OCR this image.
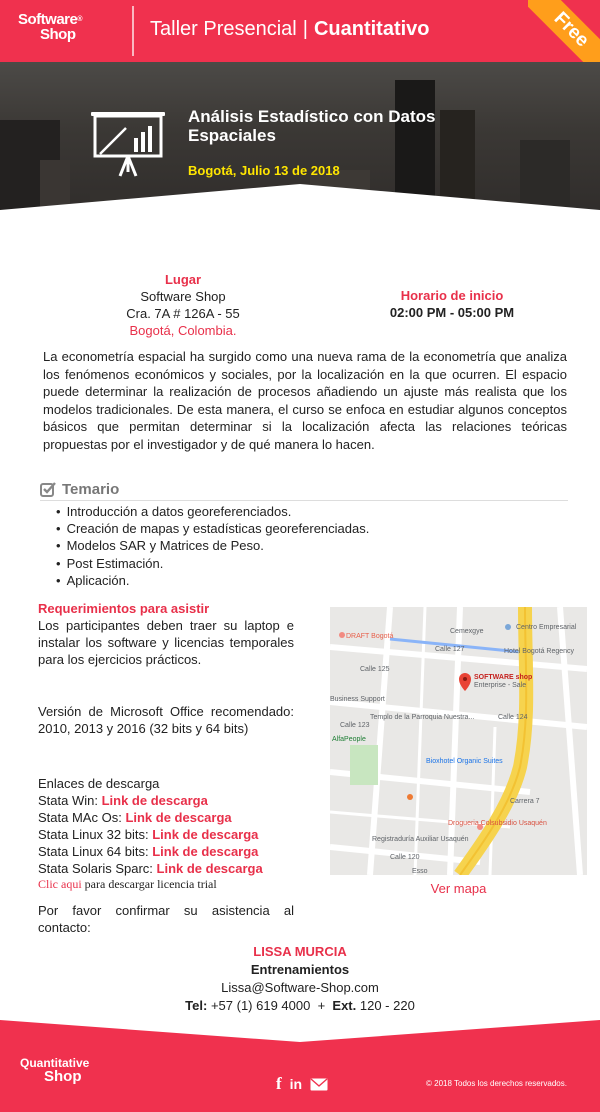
Software®
Shop	Taller Presencial | Cuantitativo	Free
Análisis Estadístico con Datos Espaciales
Bogotá, Julio 13 de 2018
Lugar
Software Shop
Cra. 7A # 126A - 55
Bogotá, Colombia.
Horario de inicio
02:00 PM - 05:00 PM
La econometría espacial ha surgido como una nueva rama de la econometría que analiza los fenómenos económicos y sociales, por la localización en la que ocurren. El espacio puede determinar la realización de procesos añadiendo un ajuste más realista que los modelos tradicionales. De esta manera, el curso se enfoca en estudiar algunos conceptos básicos que permitan determinar si la localización afecta las relaciones teóricas propuestas por el investigador y de qué manera lo hacen.
Temario
• Introducción a datos georeferenciados.
• Creación de mapas y estadísticas georeferenciadas.
• Modelos SAR y Matrices de Peso.
• Post Estimación.
• Aplicación.
Requerimientos para asistir
Los participantes deben traer su laptop e instalar los software y licencias temporales para los ejercicios prácticos.
Versión de Microsoft Office recomendado: 2010, 2013 y 2016 (32 bits y 64 bits)
Enlaces de descarga
Stata Win: Link de descarga
Stata MAc Os: Link de descarga
Stata Linux 32 bits: Link de descarga
Stata Linux 64 bits: Link de descarga
Stata Solaris Sparc: Link de descarga
Clic aqui para descargar licencia trial
Por favor confirmar su asistencia al contacto:
DRAFT Bogotá
Calle 127
Cemexgye
Centro Empresarial
Hotel Bogotá Regency
Calle 125
Calle 124
Templo de la Parroquia Nuestra...
AlfaPeople
Calle 123
Bioxhotel Organic Suites
Drogueria Colsubsidio Usaquén
Registraduría Auxiliar Usaquén
Calle 120
Esso
Carrera 7
Business Support
SOFTWARE shop
Enterprise - Sale
Ver mapa
LISSA MURCIA
Entrenamientos
Lissa@Software-Shop.com
Tel: +57 (1) 619 4000 + Ext. 120 - 220
Quantitative
Shop	f in	© 2018 Todos los derechos reservados.
